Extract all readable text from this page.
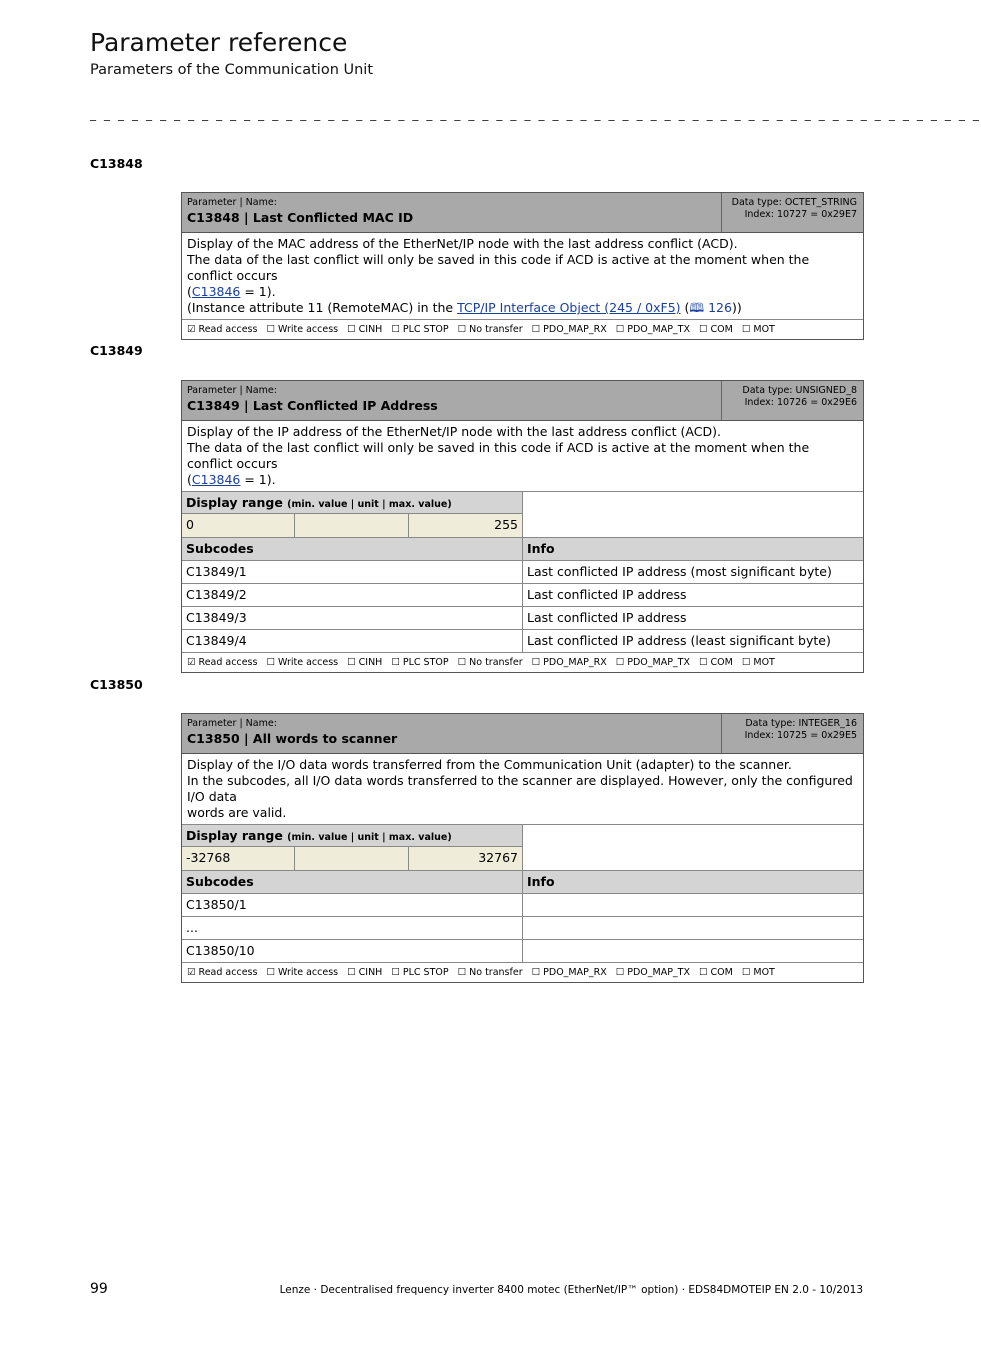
Parameter reference
Parameters of the Communication Unit
_ _ _ _ _ _ _ _ _ _ _ _ _ _ _ _ _ _ _ _ _ _ _ _ _ _ _ _ _ _ _ _ _ _ _ _ _ _ _ _ _ _ _ _ _ _ _ _ _ _ _ _ _ _ _ _ _ _ _ _ _ _ _ _
C13848
Parameter | Name:
C13848 | Last Conflicted MAC ID
Data type: OCTET_STRING
Index: 10727 = 0x29E7
Display of the MAC address of the EtherNet/IP node with the last address conflict (ACD).
The data of the last conflict will only be saved in this code if ACD is active at the moment when the conflict occurs
(C13846 = 1).
(Instance attribute 11 (RemoteMAC) in the TCP/IP Interface Object (245 / 0xF5) (🕮 126))
☑ Read access ☐ Write access ☐ CINH ☐ PLC STOP ☐ No transfer ☐ PDO_MAP_RX ☐ PDO_MAP_TX ☐ COM ☐ MOT
C13849
Parameter | Name:
C13849 | Last Conflicted IP Address
Data type: UNSIGNED_8
Index: 10726 = 0x29E6
Display of the IP address of the EtherNet/IP node with the last address conflict (ACD).
The data of the last conflict will only be saved in this code if ACD is active at the moment when the conflict occurs
(C13846 = 1).
Display range (min. value | unit | max. value)
0	255
Subcodes	Info
C13849/1	Last conflicted IP address (most significant byte)
C13849/2	Last conflicted IP address
C13849/3	Last conflicted IP address
C13849/4	Last conflicted IP address (least significant byte)
☑ Read access ☐ Write access ☐ CINH ☐ PLC STOP ☐ No transfer ☐ PDO_MAP_RX ☐ PDO_MAP_TX ☐ COM ☐ MOT
C13850
Parameter | Name:
C13850 | All words to scanner
Data type: INTEGER_16
Index: 10725 = 0x29E5
Display of the I/O data words transferred from the Communication Unit (adapter) to the scanner.
In the subcodes, all I/O data words transferred to the scanner are displayed. However, only the configured I/O data
words are valid.
Display range (min. value | unit | max. value)
-32768	32767
Subcodes	Info
C13850/1
...
C13850/10
☑ Read access ☐ Write access ☐ CINH ☐ PLC STOP ☐ No transfer ☐ PDO_MAP_RX ☐ PDO_MAP_TX ☐ COM ☐ MOT
99	Lenze · Decentralised frequency inverter 8400 motec (EtherNet/IP™ option) · EDS84DMOTEIP EN 2.0 - 10/2013
